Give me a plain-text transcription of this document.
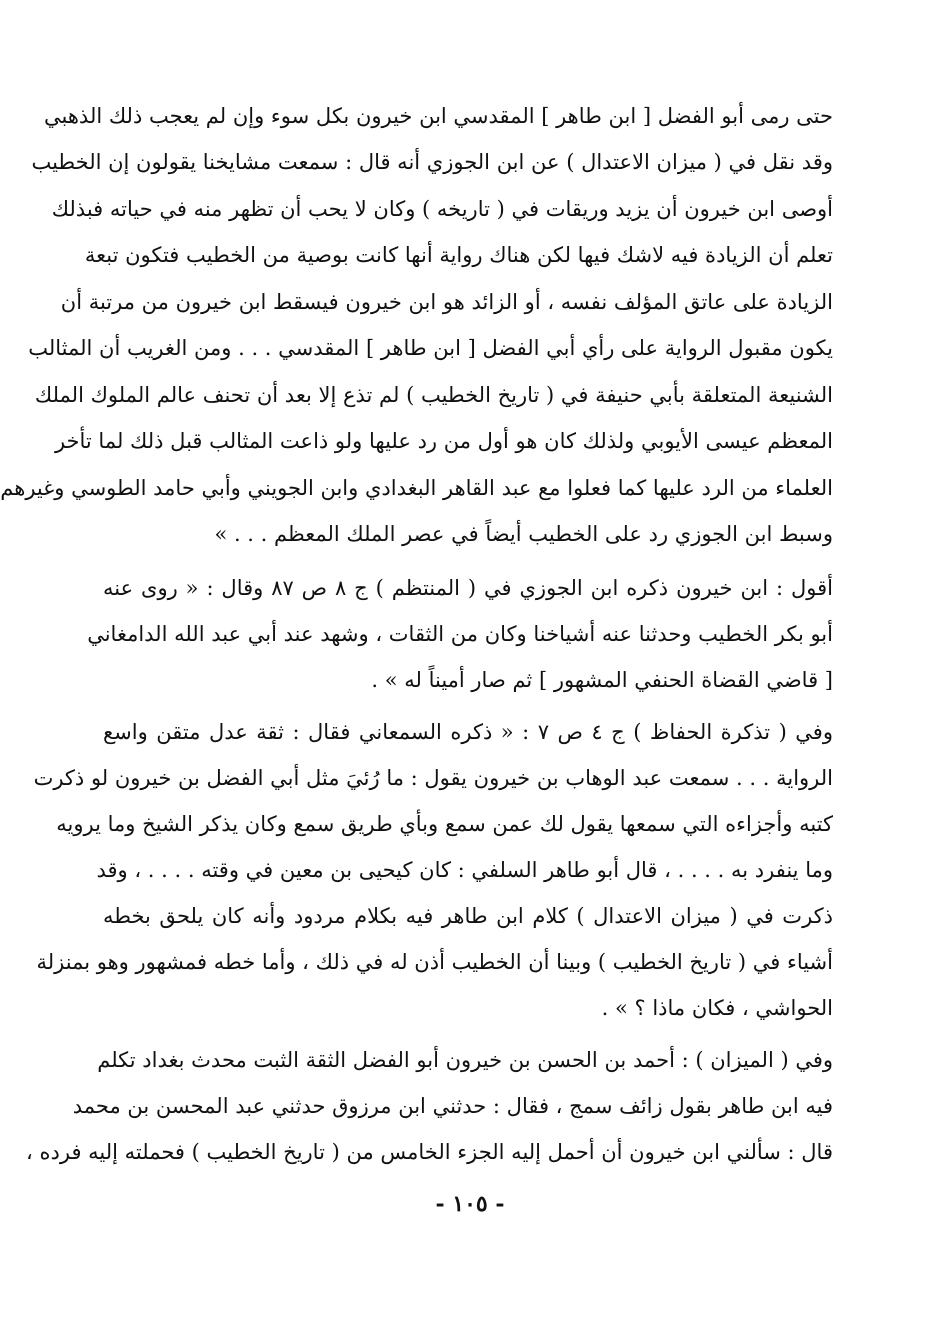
حتى رمى أبو الفضل [ ابن طاهر ] المقدسي ابن خيرون بكل سوء وإن لم يعجب ذلك الذهبي

وقد نقل في ( ميزان الاعتدال ) عن ابن الجوزي أنه قال : سمعت مشايخنا يقولون إن الخطيب

أوصى ابن خيرون أن يزيد وريقات في ( تاريخه ) وكان لا يحب أن تظهر منه في حياته فبذلك

تعلم أن الزيادة فيه لاشك فيها لكن هناك رواية أنها كانت بوصية من الخطيب فتكون تبعة

الزيادة على عاتق المؤلف نفسه ، أو الزائد هو ابن خيرون فيسقط ابن خيرون من مرتبة أن

يكون مقبول الرواية على رأي أبي الفضل [ ابن طاهر ] المقدسي . . . ومن الغريب أن المثالب

الشنيعة المتعلقة بأبي حنيفة في ( تاريخ الخطيب ) لم تذع إلا بعد أن تحنف عالم الملوك الملك

المعظم عيسى الأيوبي ولذلك كان هو أول من رد عليها ولو ذاعت المثالب قبل ذلك لما تأخر

العلماء من الرد عليها كما فعلوا مع عبد القاهر البغدادي وابن الجويني وأبي حامد الطوسي وغيرهم

وسبط ابن الجوزي رد على الخطيب أيضاً في عصر الملك المعظم . . . »

أقول : ابن خيرون ذكره ابن الجوزي في ( المنتظم ) ج ٨ ص ٨٧ وقال : « روى عنه

أبو بكر الخطيب وحدثنا عنه أشياخنا وكان من الثقات ، وشهد عند أبي عبد الله الدامغاني

[ قاضي القضاة الحنفي المشهور ] ثم صار أميناً له » .

وفي ( تذكرة الحفاظ ) ج ٤ ص ٧ : « ذكره السمعاني فقال : ثقة عدل متقن واسع

الرواية . . . سمعت عبد الوهاب بن خيرون يقول : ما رُئيَ مثل أبي الفضل بن خيرون لو ذكرت

كتبه وأجزاءه التي سمعها يقول لك عمن سمع وبأي طريق سمع وكان يذكر الشيخ وما يرويه

وما ينفرد به . . . . ، قال أبو طاهر السلفي : كان كيحيى بن معين في وقته . . . . ، وقد

ذكرت في ( ميزان الاعتدال ) كلام ابن طاهر فيه بكلام مردود وأنه كان يلحق بخطه

أشياء في ( تاريخ الخطيب ) وبينا أن الخطيب أذن له في ذلك ، وأما خطه فمشهور وهو بمنزلة

الحواشي ، فكان ماذا ؟ » .

وفي ( الميزان ) : أحمد بن الحسن بن خيرون أبو الفضل الثقة الثبت محدث بغداد تكلم

فيه ابن طاهر بقول زائف سمج ، فقال : حدثني ابن مرزوق حدثني عبد المحسن بن محمد

قال : سألني ابن خيرون أن أحمل إليه الجزء الخامس من ( تاريخ الخطيب ) فحملته إليه فرده ،

- ١٠٥ -
